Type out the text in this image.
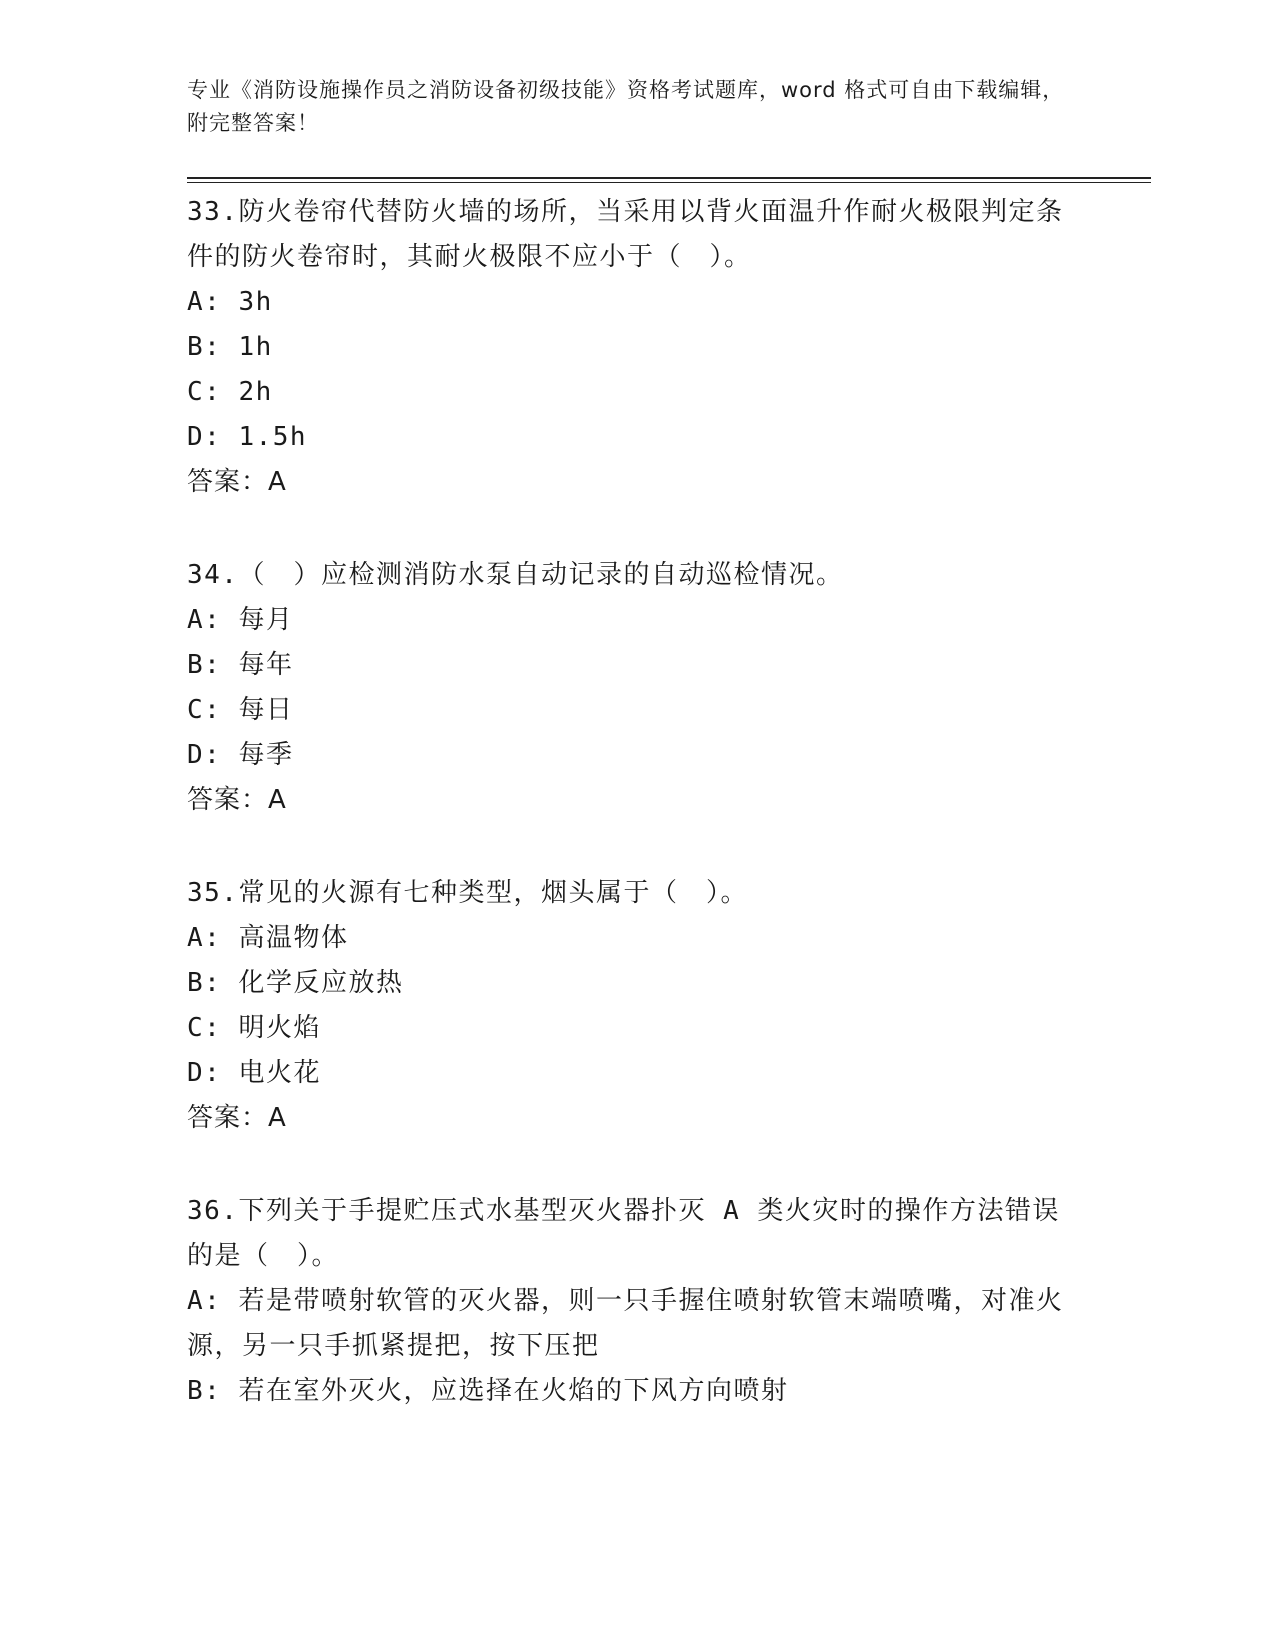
专业《消防设施操作员之消防设备初级技能》资格考试题库，word 格式可自由下载编辑，附完整答案！
33.防火卷帘代替防火墙的场所，当采用以背火面温升作耐火极限判定条件的防火卷帘时，其耐火极限不应小于（　）。
A: 3h
B: 1h
C: 2h
D: 1.5h
答案：A
34.（　）应检测消防水泵自动记录的自动巡检情况。
A: 每月
B: 每年
C: 每日
D: 每季
答案：A
35.常见的火源有七种类型，烟头属于（　）。
A: 高温物体
B: 化学反应放热
C: 明火焰
D: 电火花
答案：A
36.下列关于手提贮压式水基型灭火器扑灭 A 类火灾时的操作方法错误的是（　）。
A: 若是带喷射软管的灭火器，则一只手握住喷射软管末端喷嘴，对准火源，另一只手抓紧提把，按下压把
B: 若在室外灭火，应选择在火焰的下风方向喷射
